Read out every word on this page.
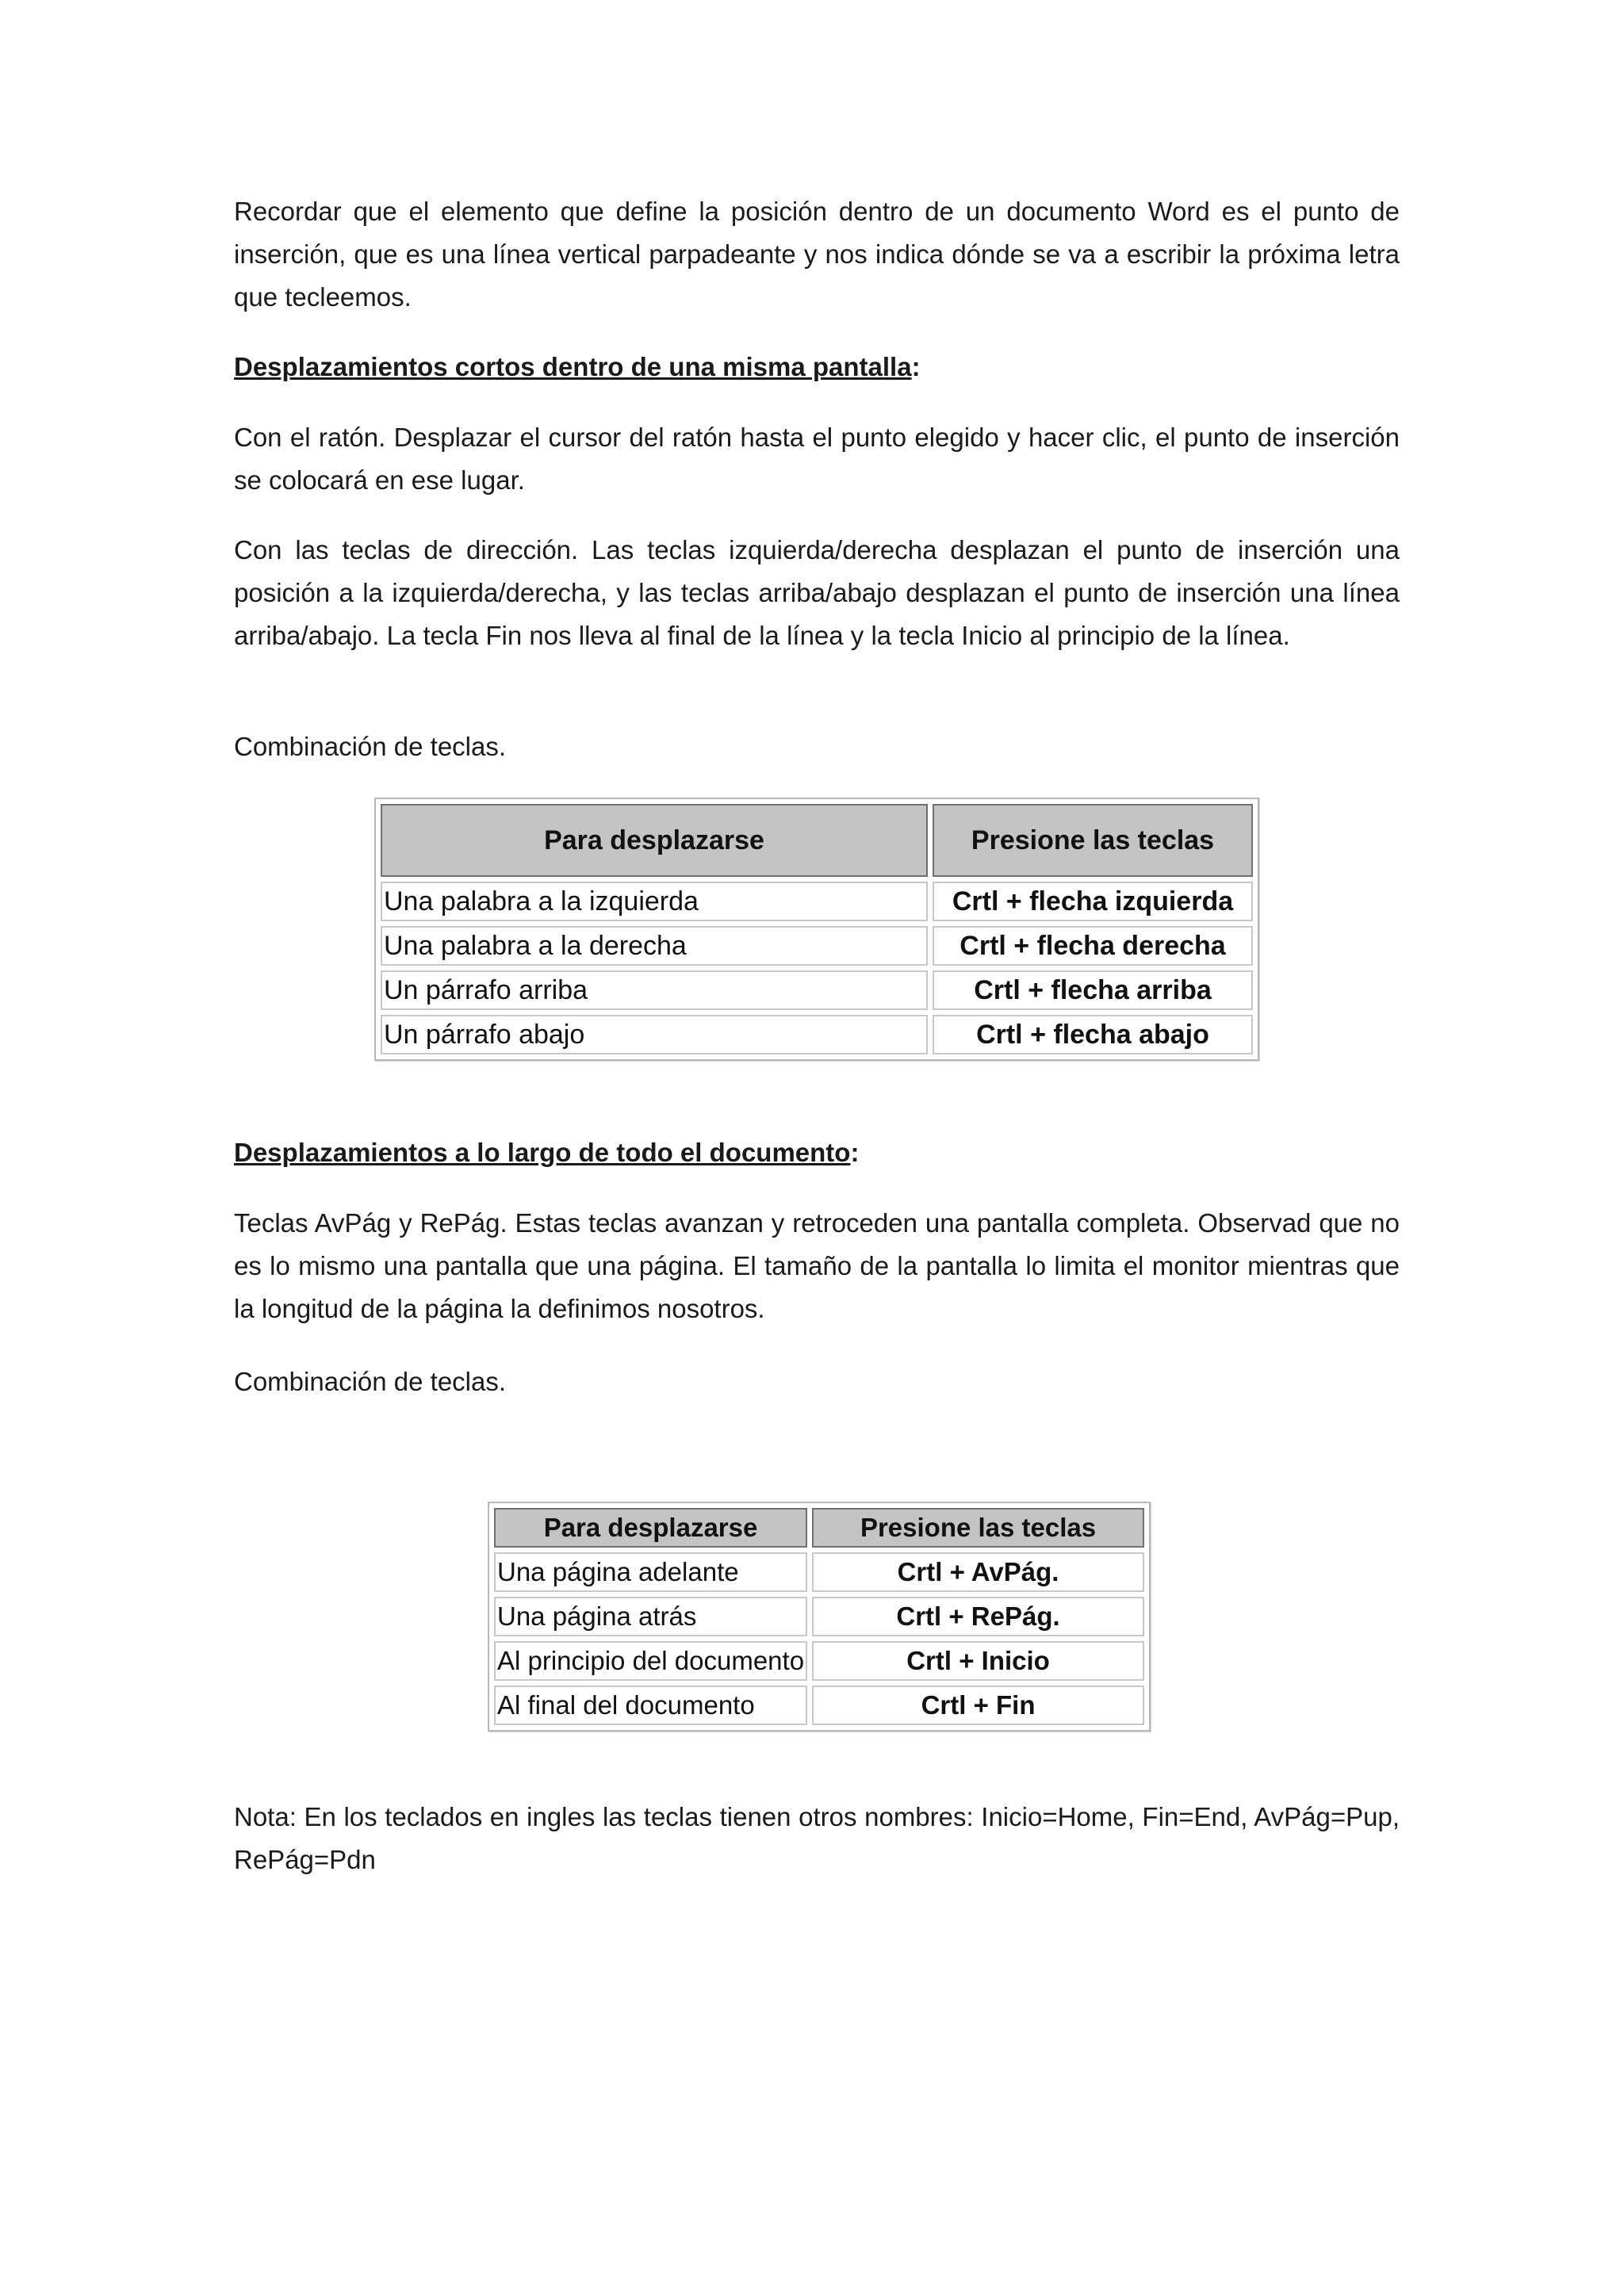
Recordar que el elemento que define la posición dentro de un documento Word es el punto de inserción, que es una línea vertical parpadeante y nos indica dónde se va a escribir la próxima letra que tecleemos.

Desplazamientos cortos dentro de una misma pantalla:

Con el ratón. Desplazar el cursor del ratón hasta el punto elegido y hacer clic, el punto de inserción se colocará en ese lugar.

Con las teclas de dirección. Las teclas izquierda/derecha desplazan el punto de inserción una posición a la izquierda/derecha, y las teclas arriba/abajo desplazan el punto de inserción una línea arriba/abajo. La tecla Fin nos lleva al final de la línea y la tecla Inicio al principio de la línea.

Combinación de teclas.

Desplazamientos a lo largo de todo el documento:

Teclas AvPág y RePág. Estas teclas avanzan y retroceden una pantalla completa. Observad que no es lo mismo una pantalla que una página. El tamaño de la pantalla lo limita el monitor mientras que la longitud de la página la definimos nosotros.

Combinación de teclas.

Nota: En los teclados en ingles las teclas tienen otros nombres: Inicio=Home, Fin=End, AvPág=Pup, RePág=Pdn

Para desplazarse	Presione las teclas
Una palabra a la izquierda	Crtl + flecha izquierda
Una palabra a la derecha	Crtl + flecha derecha
Un párrafo arriba	Crtl + flecha arriba
Un párrafo abajo	Crtl + flecha abajo
Para desplazarse	Presione las teclas
Una página adelante	Crtl + AvPág.
Una página atrás	Crtl + RePág.
Al principio del documento	Crtl + Inicio
Al final del documento	Crtl + Fin
